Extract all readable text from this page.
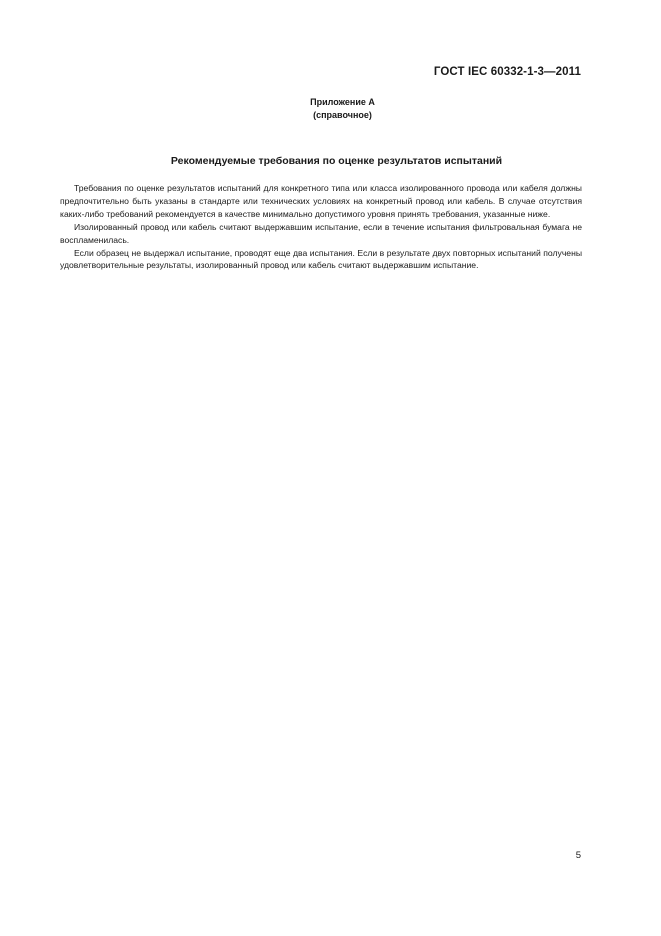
ГОСТ IEC 60332-1-3—2011
Приложение А
(справочное)
Рекомендуемые требования по оценке результатов испытаний

Требования по оценке результатов испытаний для конкретного типа или класса изолированного провода или кабеля должны предпочтительно быть указаны в стандарте или технических условиях на конкретный провод или кабель. В случае отсутствия каких-либо требований рекомендуется в качестве минимально допустимого уровня принять требования, указанные ниже.

Изолированный провод или кабель считают выдержавшим испытание, если в течение испытания фильтровальная бумага не воспламенилась.

Если образец не выдержал испытание, проводят еще два испытания. Если в результате двух повторных испытаний получены удовлетворительные результаты, изолированный провод или кабель считают выдержавшим испытание.

5
